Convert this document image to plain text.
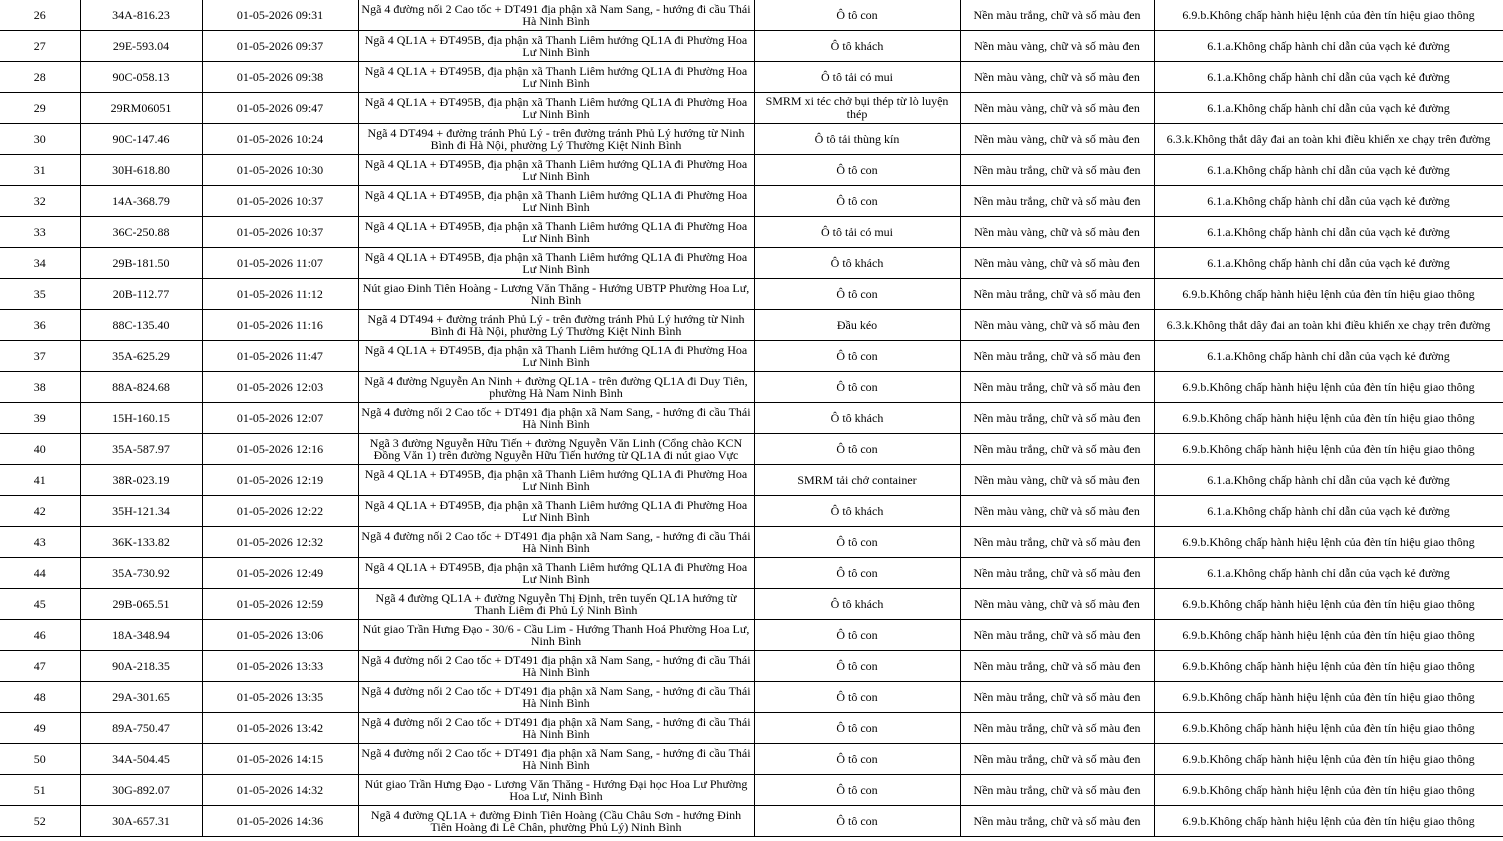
26	34A-816.23	01-05-2026 09:31	Ngã 4 đường nối 2 Cao tốc + DT491 địa phận xã Nam Sang, - hướng đi cầu Thái Hà Ninh Bình	Ô tô con	Nền màu trắng, chữ và số màu đen	6.9.b.Không chấp hành hiệu lệnh của đèn tín hiệu giao thông
27	29E-593.04	01-05-2026 09:37	Ngã 4 QL1A + ĐT495B, địa phận xã Thanh Liêm hướng QL1A đi Phường Hoa Lư Ninh Bình	Ô tô khách	Nền màu vàng, chữ và số màu đen	6.1.a.Không chấp hành chỉ dẫn của vạch kẻ đường
28	90C-058.13	01-05-2026 09:38	Ngã 4 QL1A + ĐT495B, địa phận xã Thanh Liêm hướng QL1A đi Phường Hoa Lư Ninh Bình	Ô tô tải có mui	Nền màu vàng, chữ và số màu đen	6.1.a.Không chấp hành chỉ dẫn của vạch kẻ đường
29	29RM06051	01-05-2026 09:47	Ngã 4 QL1A + ĐT495B, địa phận xã Thanh Liêm hướng QL1A đi Phường Hoa Lư Ninh Bình	SMRM xi téc chở bụi thép từ lò luyện thép	Nền màu vàng, chữ và số màu đen	6.1.a.Không chấp hành chỉ dẫn của vạch kẻ đường
30	90C-147.46	01-05-2026 10:24	Ngã 4 DT494 + đường tránh Phủ Lý - trên đường tránh Phủ Lý hướng từ Ninh Bình đi Hà Nội, phường Lý Thường Kiệt Ninh Bình	Ô tô tải thùng kín	Nền màu vàng, chữ và số màu đen	6.3.k.Không thắt dây đai an toàn khi điều khiển xe chạy trên đường
31	30H-618.80	01-05-2026 10:30	Ngã 4 QL1A + ĐT495B, địa phận xã Thanh Liêm hướng QL1A đi Phường Hoa Lư Ninh Bình	Ô tô con	Nền màu trắng, chữ và số màu đen	6.1.a.Không chấp hành chỉ dẫn của vạch kẻ đường
32	14A-368.79	01-05-2026 10:37	Ngã 4 QL1A + ĐT495B, địa phận xã Thanh Liêm hướng QL1A đi Phường Hoa Lư Ninh Bình	Ô tô con	Nền màu trắng, chữ và số màu đen	6.1.a.Không chấp hành chỉ dẫn của vạch kẻ đường
33	36C-250.88	01-05-2026 10:37	Ngã 4 QL1A + ĐT495B, địa phận xã Thanh Liêm hướng QL1A đi Phường Hoa Lư Ninh Bình	Ô tô tải có mui	Nền màu vàng, chữ và số màu đen	6.1.a.Không chấp hành chỉ dẫn của vạch kẻ đường
34	29B-181.50	01-05-2026 11:07	Ngã 4 QL1A + ĐT495B, địa phận xã Thanh Liêm hướng QL1A đi Phường Hoa Lư Ninh Bình	Ô tô khách	Nền màu vàng, chữ và số màu đen	6.1.a.Không chấp hành chỉ dẫn của vạch kẻ đường
35	20B-112.77	01-05-2026 11:12	Nút giao Đinh Tiên Hoàng - Lương Văn Thăng - Hướng UBTP Phường Hoa Lư, Ninh Bình	Ô tô con	Nền màu trắng, chữ và số màu đen	6.9.b.Không chấp hành hiệu lệnh của đèn tín hiệu giao thông
36	88C-135.40	01-05-2026 11:16	Ngã 4 DT494 + đường tránh Phủ Lý - trên đường tránh Phủ Lý hướng từ Ninh Bình đi Hà Nội, phường Lý Thường Kiệt Ninh Bình	Đầu kéo	Nền màu vàng, chữ và số màu đen	6.3.k.Không thắt dây đai an toàn khi điều khiển xe chạy trên đường
37	35A-625.29	01-05-2026 11:47	Ngã 4 QL1A + ĐT495B, địa phận xã Thanh Liêm hướng QL1A đi Phường Hoa Lư Ninh Bình	Ô tô con	Nền màu trắng, chữ và số màu đen	6.1.a.Không chấp hành chỉ dẫn của vạch kẻ đường
38	88A-824.68	01-05-2026 12:03	Ngã 4 đường Nguyễn An Ninh + đường QL1A - trên đường QL1A đi Duy Tiên, phường Hà Nam Ninh Bình	Ô tô con	Nền màu trắng, chữ và số màu đen	6.9.b.Không chấp hành hiệu lệnh của đèn tín hiệu giao thông
39	15H-160.15	01-05-2026 12:07	Ngã 4 đường nối 2 Cao tốc + DT491 địa phận xã Nam Sang, - hướng đi cầu Thái Hà Ninh Bình	Ô tô khách	Nền màu trắng, chữ và số màu đen	6.9.b.Không chấp hành hiệu lệnh của đèn tín hiệu giao thông
40	35A-587.97	01-05-2026 12:16	Ngã 3 đường Nguyễn Hữu Tiến + đường Nguyễn Văn Linh (Cổng chào KCN Đồng Văn 1) trên đường Nguyễn Hữu Tiến hướng từ QL1A đi nút giao Vực	Ô tô con	Nền màu trắng, chữ và số màu đen	6.9.b.Không chấp hành hiệu lệnh của đèn tín hiệu giao thông
41	38R-023.19	01-05-2026 12:19	Ngã 4 QL1A + ĐT495B, địa phận xã Thanh Liêm hướng QL1A đi Phường Hoa Lư Ninh Bình	SMRM tải chở container	Nền màu vàng, chữ và số màu đen	6.1.a.Không chấp hành chỉ dẫn của vạch kẻ đường
42	35H-121.34	01-05-2026 12:22	Ngã 4 QL1A + ĐT495B, địa phận xã Thanh Liêm hướng QL1A đi Phường Hoa Lư Ninh Bình	Ô tô khách	Nền màu vàng, chữ và số màu đen	6.1.a.Không chấp hành chỉ dẫn của vạch kẻ đường
43	36K-133.82	01-05-2026 12:32	Ngã 4 đường nối 2 Cao tốc + DT491 địa phận xã Nam Sang, - hướng đi cầu Thái Hà Ninh Bình	Ô tô con	Nền màu trắng, chữ và số màu đen	6.9.b.Không chấp hành hiệu lệnh của đèn tín hiệu giao thông
44	35A-730.92	01-05-2026 12:49	Ngã 4 QL1A + ĐT495B, địa phận xã Thanh Liêm hướng QL1A đi Phường Hoa Lư Ninh Bình	Ô tô con	Nền màu trắng, chữ và số màu đen	6.1.a.Không chấp hành chỉ dẫn của vạch kẻ đường
45	29B-065.51	01-05-2026 12:59	Ngã 4 đường QL1A + đường Nguyễn Thị Định, trên tuyến QL1A hướng từ Thanh Liêm đi Phủ Lý Ninh Bình	Ô tô khách	Nền màu vàng, chữ và số màu đen	6.9.b.Không chấp hành hiệu lệnh của đèn tín hiệu giao thông
46	18A-348.94	01-05-2026 13:06	Nút giao Trần Hưng Đạo - 30/6 - Cầu Lim - Hướng Thanh Hoá Phường Hoa Lư, Ninh Bình	Ô tô con	Nền màu trắng, chữ và số màu đen	6.9.b.Không chấp hành hiệu lệnh của đèn tín hiệu giao thông
47	90A-218.35	01-05-2026 13:33	Ngã 4 đường nối 2 Cao tốc + DT491 địa phận xã Nam Sang, - hướng đi cầu Thái Hà Ninh Bình	Ô tô con	Nền màu trắng, chữ và số màu đen	6.9.b.Không chấp hành hiệu lệnh của đèn tín hiệu giao thông
48	29A-301.65	01-05-2026 13:35	Ngã 4 đường nối 2 Cao tốc + DT491 địa phận xã Nam Sang, - hướng đi cầu Thái Hà Ninh Bình	Ô tô con	Nền màu trắng, chữ và số màu đen	6.9.b.Không chấp hành hiệu lệnh của đèn tín hiệu giao thông
49	89A-750.47	01-05-2026 13:42	Ngã 4 đường nối 2 Cao tốc + DT491 địa phận xã Nam Sang, - hướng đi cầu Thái Hà Ninh Bình	Ô tô con	Nền màu trắng, chữ và số màu đen	6.9.b.Không chấp hành hiệu lệnh của đèn tín hiệu giao thông
50	34A-504.45	01-05-2026 14:15	Ngã 4 đường nối 2 Cao tốc + DT491 địa phận xã Nam Sang, - hướng đi cầu Thái Hà Ninh Bình	Ô tô con	Nền màu trắng, chữ và số màu đen	6.9.b.Không chấp hành hiệu lệnh của đèn tín hiệu giao thông
51	30G-892.07	01-05-2026 14:32	Nút giao Trần Hưng Đạo - Lương Văn Thăng - Hướng Đại học Hoa Lư Phường Hoa Lư, Ninh Bình	Ô tô con	Nền màu trắng, chữ và số màu đen	6.9.b.Không chấp hành hiệu lệnh của đèn tín hiệu giao thông
52	30A-657.31	01-05-2026 14:36	Ngã 4 đường QL1A + đường Đinh Tiên Hoàng (Cầu Châu Sơn - hướng Đinh Tiên Hoàng đi Lê Chân, phường Phủ Lý) Ninh Bình	Ô tô con	Nền màu trắng, chữ và số màu đen	6.9.b.Không chấp hành hiệu lệnh của đèn tín hiệu giao thông
